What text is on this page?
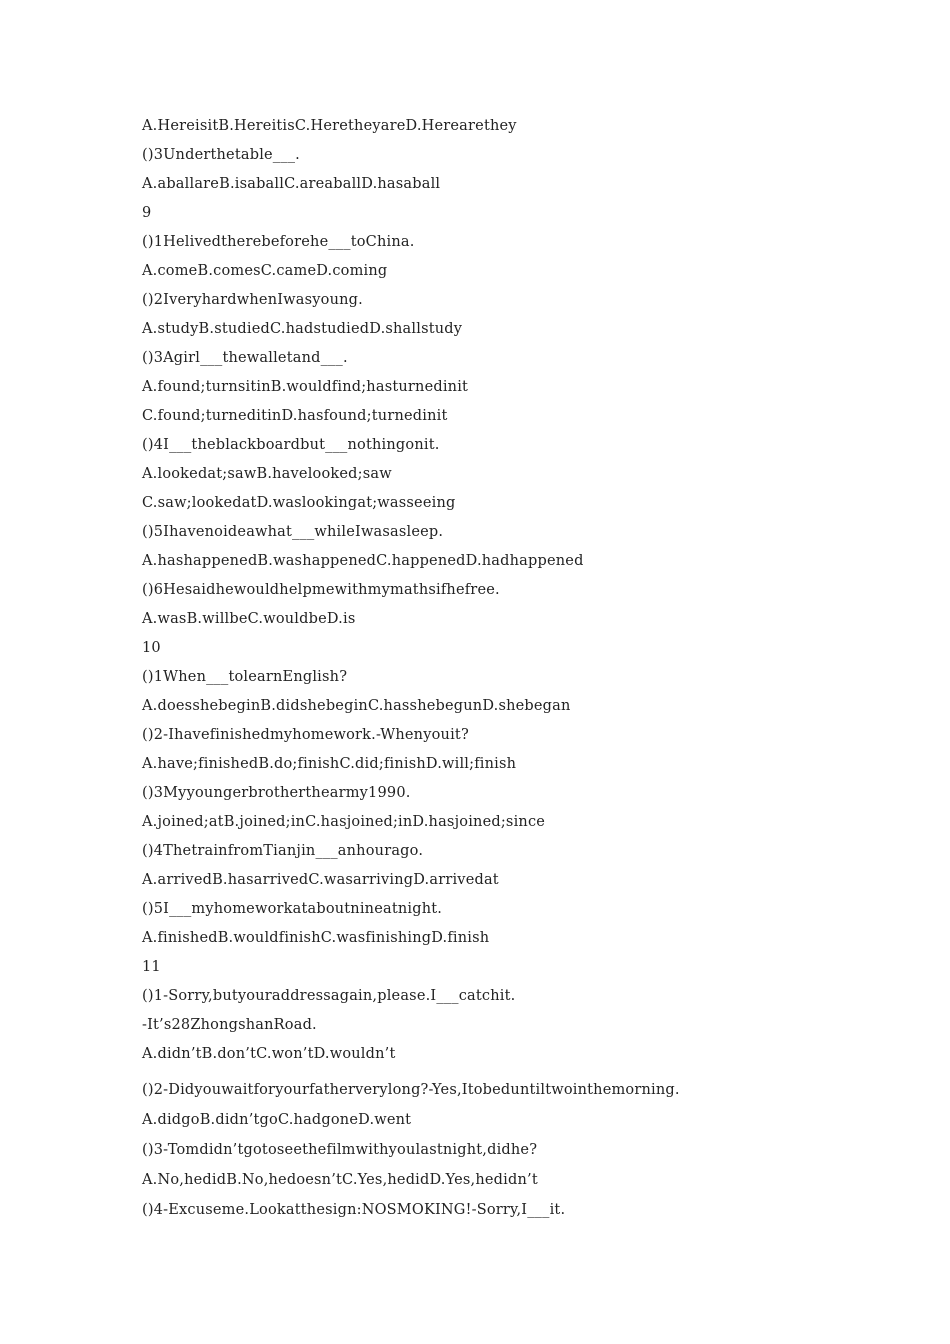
A.HereisitB.HereitisC.HeretheyareD.Herearethey
()3Underthetable___.
A.aballareB.isaballC.areaballD.hasaball
9
()1Helivedtherebeforehe___toChina.
A.comeB.comesC.cameD.coming
()2IveryhardwhenIwasyoung.
A.studyB.studiedC.hadstudiedD.shallstudy
()3Agirl___thewalletand___.
A.found;turnsitinB.wouldfind;hasturnedinit
C.found;turneditinD.hasfound;turnedinit
()4I___theblackboardbut___nothingonit.
A.lookedat;sawB.havelooked;saw
C.saw;lookedatD.waslookingat;wasseeing
()5Ihavenoideawhat___whileIwasasleep.
A.hashappenedB.washappenedC.happenedD.hadhappened
()6Hesaidhewouldhelpmewithmymathsifhefree.
A.wasB.willbeC.wouldbeD.is
10
()1When___tolearnEnglish?
A.doesshebeginB.didshebeginC.hasshebegunD.shebegan
()2-Ihavefinishedmyhomework.-Whenyouit?
A.have;finishedB.do;finishC.did;finishD.will;finish
()3Myyoungerbrotherthearmy1990.
A.joined;atB.joined;inC.hasjoined;inD.hasjoined;since
()4ThetrainfromTianjin___anhourago.
A.arrivedB.hasarrivedC.wasarrivingD.arrivedat
()5I___myhomeworkataboutnineatnight.
A.finishedB.wouldfinishC.wasfinishingD.finish
11
()1-Sorry,butyouraddressagain,please.I___catchit.
-It’s28ZhongshanRoad.
A.didn’tB.don’tC.won’tD.wouldn’t
()2-Didyouwaitforyourfatherverylong?-Yes,Itobeduntiltwointhemorning.
A.didgoB.didn’tgoC.hadgoneD.went
()3-Tomdidn’tgotoseethefilmwithyoulastnight,didhe?
A.No,hedidB.No,hedoesn’tC.Yes,hedidD.Yes,hedidn’t
()4-Excuseme.Lookatthesign:NOSMOKING!-Sorry,I___it.
